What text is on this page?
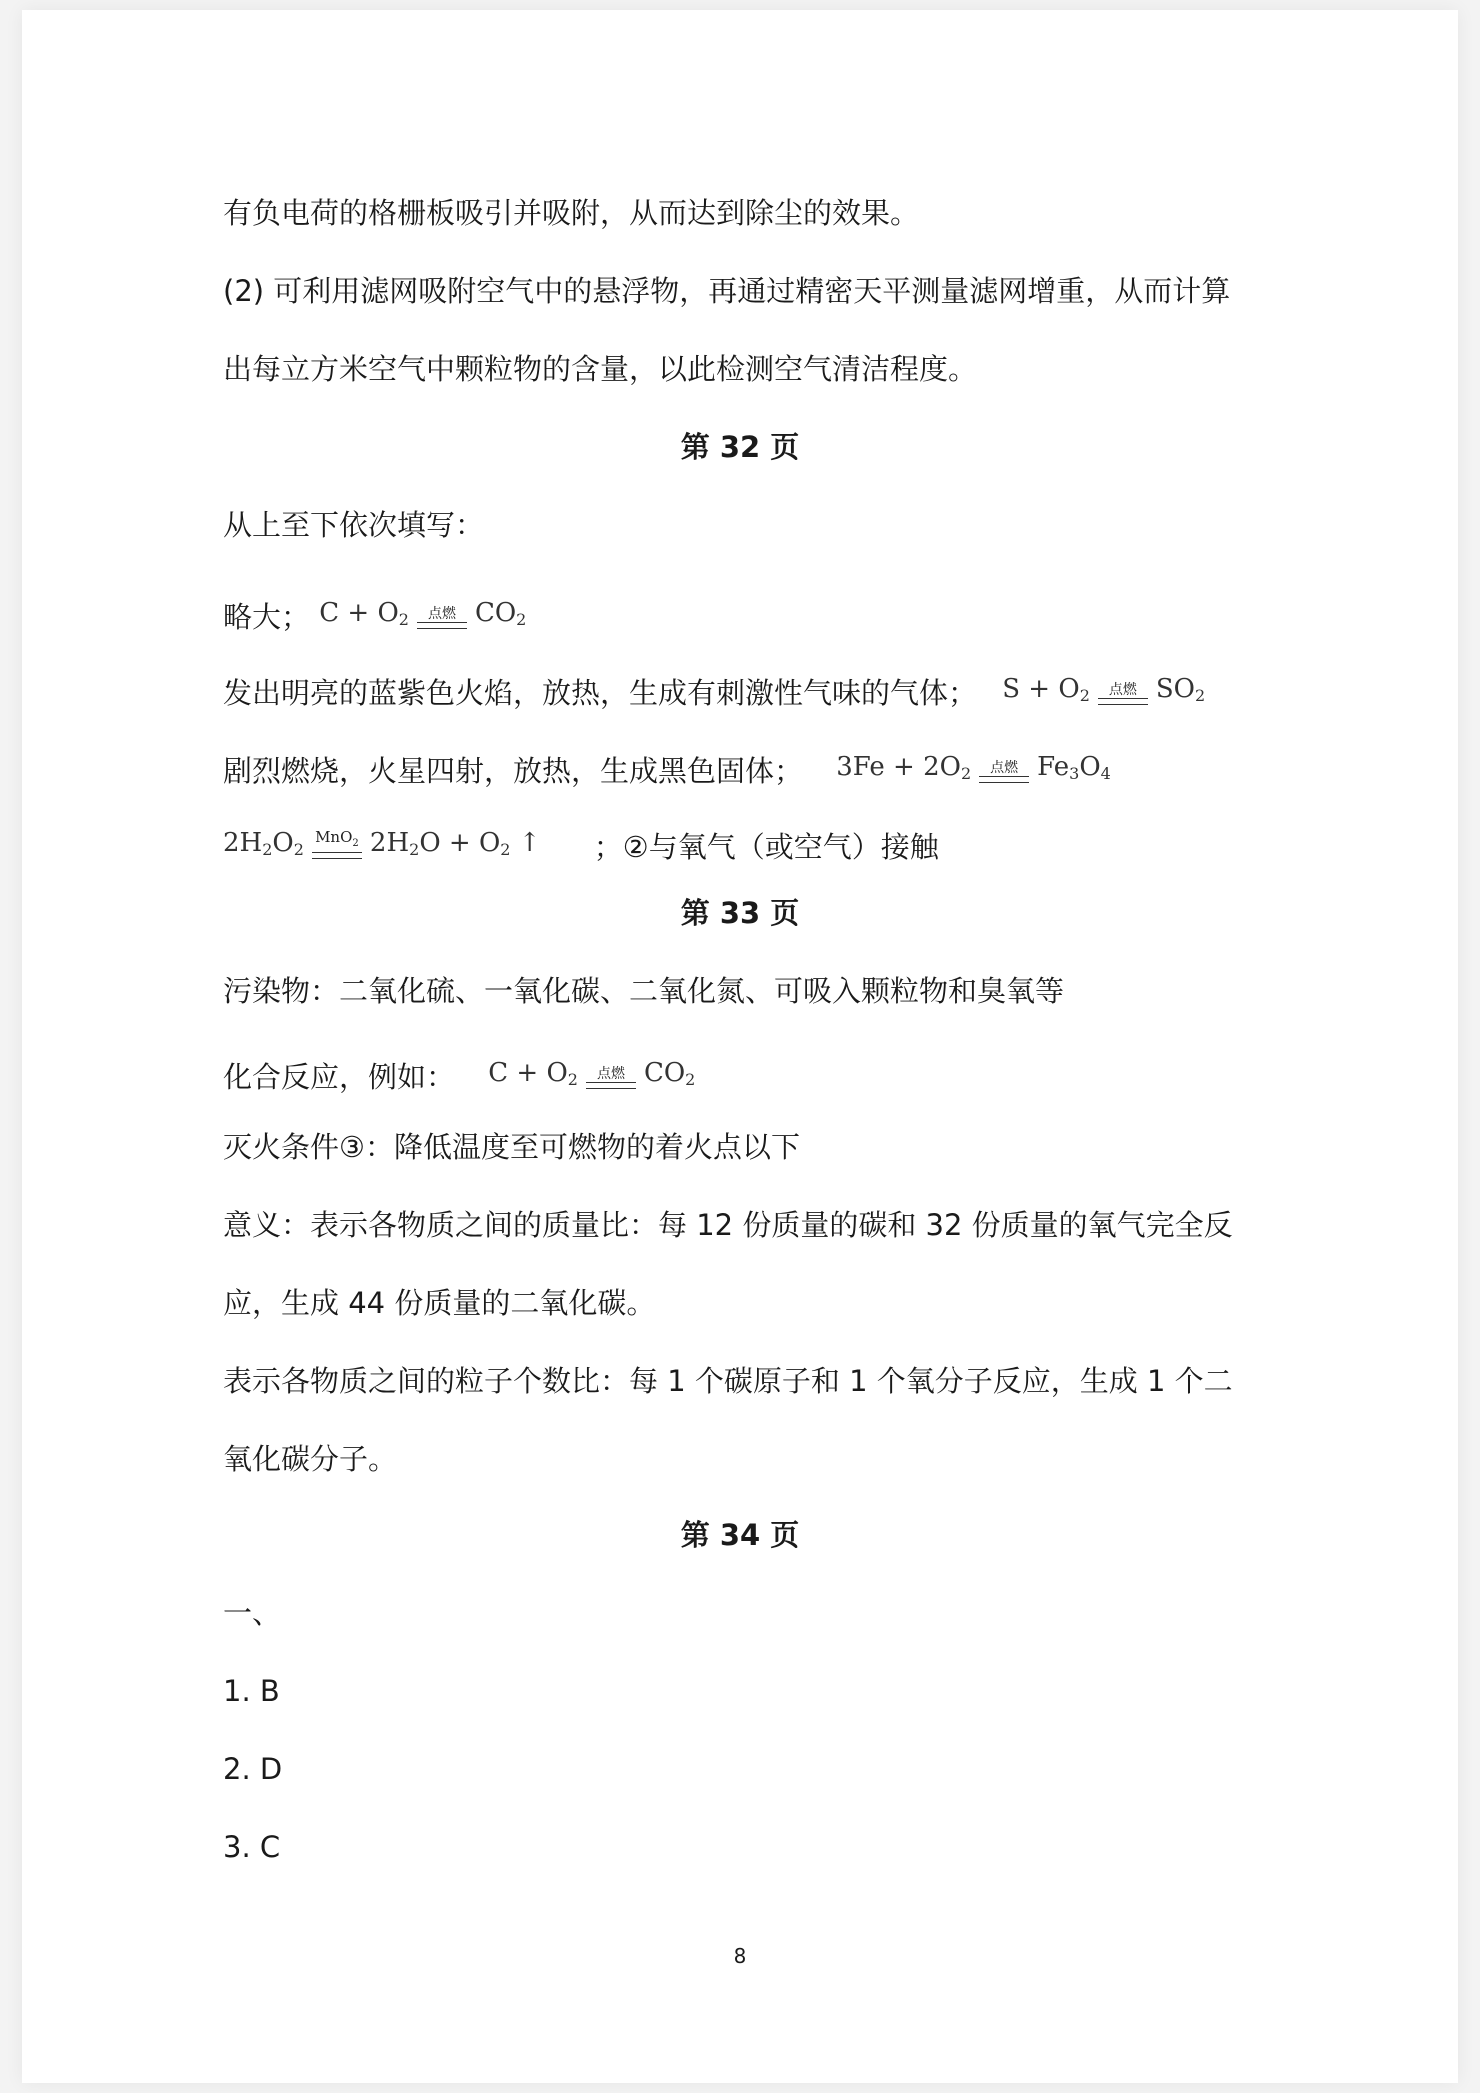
有负电荷的格栅板吸引并吸附，从而达到除尘的效果。
(2) 可利用滤网吸附空气中的悬浮物，再通过精密天平测量滤网增重，从而计算
出每立方米空气中颗粒物的含量，以此检测空气清洁程度。
第 32 页
从上至下依次填写：
略大； $C + O_2$ 点燃 $CO_2$
发出明亮的蓝紫色火焰，放热，生成有刺激性气味的气体； $S + O_2$ 点燃 $SO_2$
剧烈燃烧，火星四射，放热，生成黑色固体； $3Fe + 2O_2$ 点燃 $Fe_3O_4$
$2H_2O_2$
MnO$_2$ $2H_2O + O_2$ ↑ ；②与氧气（或空气）接触
第 33 页
污染物：二氧化硫、一氧化碳、二氧化氮、可吸入颗粒物和臭氧等
化合反应，例如： $C + O_2$ 点燃 $CO_2$
灭火条件③：降低温度至可燃物的着火点以下
意义：表示各物质之间的质量比：每 12 份质量的碳和 32 份质量的氧气完全反
应，生成 44 份质量的二氧化碳。
表示各物质之间的粒子个数比：每 1 个碳原子和 1 个氧分子反应，生成 1 个二
氧化碳分子。
第 34 页
一、
1. B
2. D
3. C
8
